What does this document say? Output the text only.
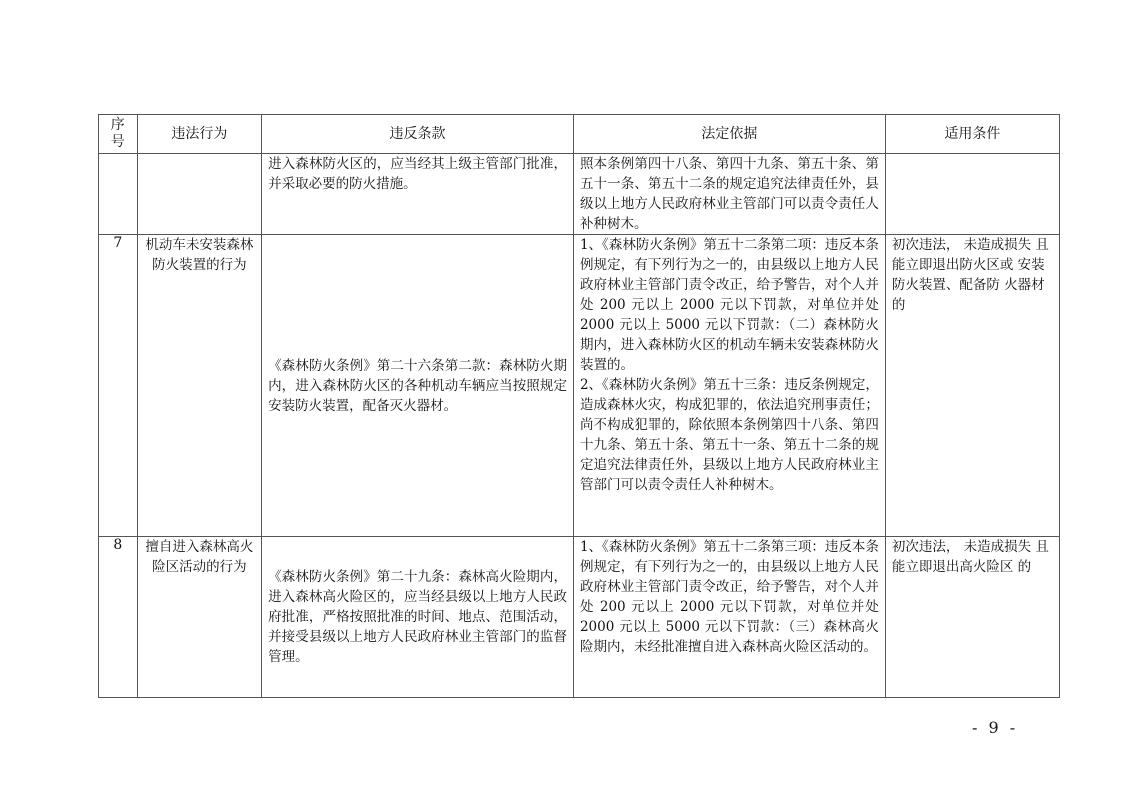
序号	违法行为	违反条款	法定依据	适用条件
		进入森林防火区的，应当经其上级主管部门批准，并采取必要的防火措施。	照本条例第四十八条、第四十九条、第五十条、第五十一条、第五十二条的规定追究法律责任外，县级以上地方人民政府林业主管部门可以责令责任人补种树木。	

7	机动车未安装森林防火装置的行为	《森林防火条例》第二十六条第二款：森林防火期内，进入森林防火区的各种机动车辆应当按照规定安装防火装置，配备灭火器材。	1、《森林防火条例》第五十二条第二项：违反本条例规定，有下列行为之一的，由县级以上地方人民政府林业主管部门责令改正，给予警告，对个人并处 200 元以上 2000 元以下罚款，对单位并处 2000 元以上 5000 元以下罚款：（二）森林防火期内，进入森林防火区的机动车辆未安装森林防火装置的。
2、《森林防火条例》第五十三条：违反条例规定，造成森林火灾，构成犯罪的，依法追究刑事责任；尚不构成犯罪的，除依照本条例第四十八条、第四十九条、第五十条、第五十一条、第五十二条的规定追究法律责任外，县级以上地方人民政府林业主管部门可以责令责任人补种树木。	初次违法， 未造成损失 且能立即退出防火区或 安装防火装置、配备防 火器材的
8	擅自进入森林高火险区活动的行为	《森林防火条例》第二十九条：森林高火险期内，进入森林高火险区的，应当经县级以上地方人民政府批准，严格按照批准的时间、地点、范围活动，并接受县级以上地方人民政府林业主管部门的监督管理。	1、《森林防火条例》第五十二条第三项：违反本条例规定，有下列行为之一的，由县级以上地方人民政府林业主管部门责令改正，给予警告，对个人并处 200 元以上 2000 元以下罚款，对单位并处 2000 元以上 5000 元以下罚款：（三）森林高火险期内，未经批准擅自进入森林高火险区活动的。	初次违法， 未造成损失 且能立即退出高火险区 的
- 9 -
